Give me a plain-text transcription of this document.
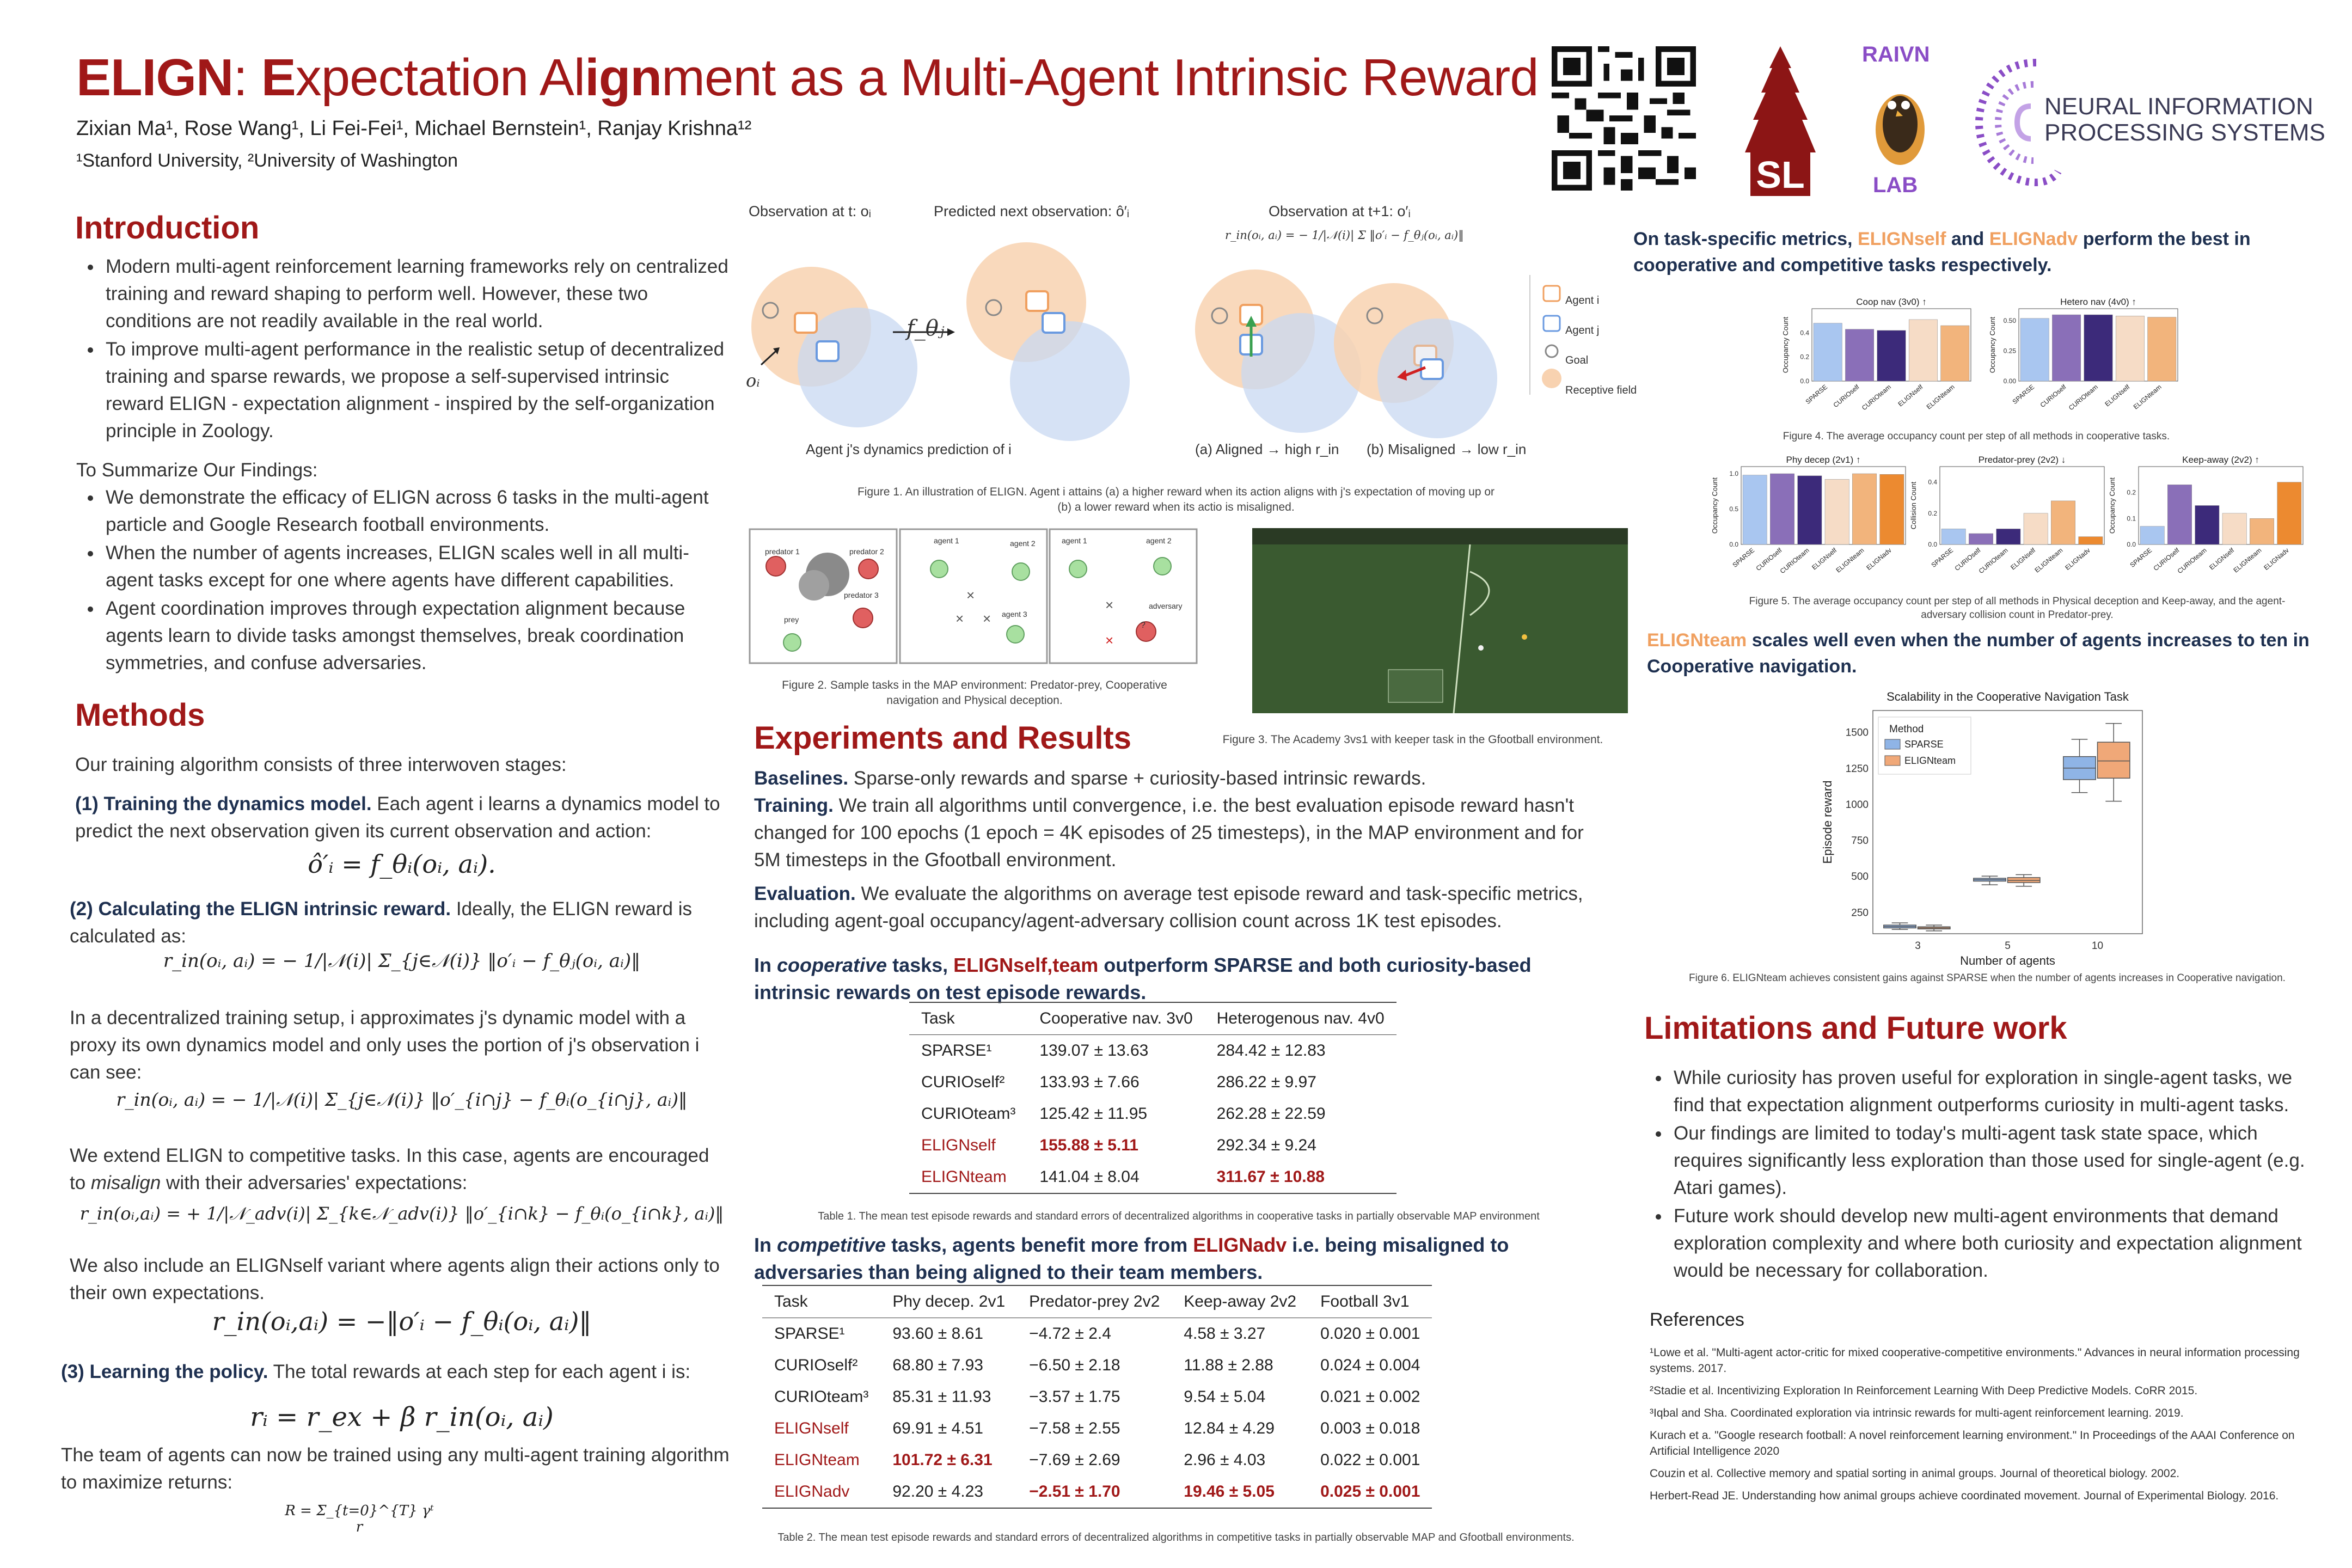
ELIGN: Expectation Alignment as a Multi-Agent Intrinsic Reward
Zixian Ma¹, Rose Wang¹, Li Fei-Fei¹, Michael Bernstein¹, Ranjay Krishna¹²
¹Stanford University, ²University of Washington	SL
RAIVN
LAB
NEURAL INFORMATION
PROCESSING SYSTEMS
Introduction
• Modern multi-agent reinforcement learning frameworks rely on centralized training and reward shaping to perform well. However, these two conditions are not readily available in the real world.
• To improve multi-agent performance in the realistic setup of decentralized training and sparse rewards, we propose a self-supervised intrinsic reward ELIGN - expectation alignment - inspired by the self-organization principle in Zoology.
To Summarize Our Findings:
• We demonstrate the efficacy of ELIGN across 6 tasks in the multi-agent particle and Google Research football environments.
• When the number of agents increases, ELIGN scales well in all multi-agent tasks except for one where agents have different capabilities.
• Agent coordination improves through expectation alignment because agents learn to divide tasks amongst themselves, break coordination symmetries, and confuse adversaries.
Methods
Our training algorithm consists of three interwoven stages:
(1) Training the dynamics model. Each agent i learns a dynamics model to predict the next observation given its current observation and action:
ô′ᵢ = f_θᵢ(oᵢ, aᵢ).
(2) Calculating the ELIGN intrinsic reward. Ideally, the ELIGN reward is calculated as:
r_in(oᵢ, aᵢ) = − 1/|𝒩(i)| Σ_{j∈𝒩(i)} ‖o′ᵢ − f_θⱼ(oᵢ, aᵢ)‖
In a decentralized training setup, i approximates j's dynamic model with a proxy its own dynamics model and only uses the portion of j's observation i can see:
r_in(oᵢ, aᵢ) = − 1/|𝒩(i)| Σ_{j∈𝒩(i)} ‖o′_{i∩j} − f_θᵢ(o_{i∩j}, aᵢ)‖
We extend ELIGN to competitive tasks. In this case, agents are encouraged to misalign with their adversaries' expectations:
r_in(oᵢ,aᵢ) = + 1/|𝒩_adv(i)| Σ_{k∈𝒩_adv(i)} ‖o′_{i∩k} − f_θᵢ(o_{i∩k}, aᵢ)‖
We also include an ELIGNself variant where agents align their actions only to their own expectations.
r_in(oᵢ,aᵢ) = −‖o′ᵢ − f_θᵢ(oᵢ, aᵢ)‖
(3) Learning the policy. The total rewards at each step for each agent i is:
rᵢ = r_ex + β r_in(oᵢ, aᵢ)
The team of agents can now be trained using any multi-agent training algorithm to maximize returns:
R = Σ_{t=0}^{T} γᵗ r
Observation at t: oᵢ	Predicted next observation: ô′ᵢ	Observation at t+1: o′ᵢ
r_in(oᵢ, aᵢ) = − 1/|𝒩(i)| Σ ‖o′ᵢ − f_θⱼ(oᵢ, aᵢ)‖
f_θⱼ
oᵢ
Agent j's dynamics prediction of i	(a) Aligned → high r_in (b) Misaligned → low r_in
Agent i
Agent j
Goal
Receptive field
Figure 1. An illustration of ELIGN. Agent i attains (a) a higher reward when its action aligns with j's expectation of moving up or (b) a lower reward when its actio is misaligned.
×
×
×
×
×
predator 1	predator 2
predator 3
prey
agent 1	agent 2
agent 3
agent 1	agent 2
adversary
?
Figure 2. Sample tasks in the MAP environment: Predator-prey, Cooperative navigation and Physical deception.
Figure 3. The Academy 3vs1 with keeper task in the Gfootball environment.
Experiments and Results
Baselines. Sparse-only rewards and sparse + curiosity-based intrinsic rewards.
Training. We train all algorithms until convergence, i.e. the best evaluation episode reward hasn't changed for 100 epochs (1 epoch = 4K episodes of 25 timesteps), in the MAP environment and for 5M timesteps in the Gfootball environment.
Evaluation. We evaluate the algorithms on average test episode reward and task-specific metrics, including agent-goal occupancy/agent-adversary collision count across 1K test episodes.
In cooperative tasks, ELIGNself,team outperform SPARSE and both curiosity-based intrinsic rewards on test episode rewards.
Task	Cooperative nav. 3v0	Heterogenous nav. 4v0
SPARSE¹	139.07 ± 13.63	284.42 ± 12.83
CURIOself²	133.93 ± 7.66	286.22 ± 9.97
CURIOteam³	125.42 ± 11.95	262.28 ± 22.59
ELIGNself	155.88 ± 5.11	292.34 ± 9.24
ELIGNteam	141.04 ± 8.04	311.67 ± 10.88
Table 1. The mean test episode rewards and standard errors of decentralized algorithms in cooperative tasks in partially observable MAP environment
In competitive tasks, agents benefit more from ELIGNadv i.e. being misaligned to adversaries than being aligned to their team members.
Task	Phy decep. 2v1	Predator-prey 2v2	Keep-away 2v2	Football 3v1
SPARSE¹	93.60 ± 8.61	−4.72 ± 2.4	4.58 ± 3.27	0.020 ± 0.001
CURIOself²	68.80 ± 7.93	−6.50 ± 2.18	11.88 ± 2.88	0.024 ± 0.004
CURIOteam³	85.31 ± 11.93	−3.57 ± 1.75	9.54 ± 5.04	0.021 ± 0.002
ELIGNself	69.91 ± 4.51	−7.58 ± 2.55	12.84 ± 4.29	0.003 ± 0.018
ELIGNteam	101.72 ± 6.31	−7.69 ± 2.69	2.96 ± 4.03	0.022 ± 0.001
ELIGNadv	92.20 ± 4.23	−2.51 ± 1.70	19.46 ± 5.05	0.025 ± 0.001
Table 2. The mean test episode rewards and standard errors of decentralized algorithms in competitive tasks in partially observable MAP and Gfootball environments.
On task-specific metrics, ELIGNself and ELIGNadv perform the best in cooperative and competitive tasks respectively.
Coop nav (3v0) ↑
Occupancy Count
0.0
0.2
0.4
SPARSE CURIOself CURIOteam ELIGNself ELIGNteam
Hetero nav (4v0) ↑
Occupancy Count
0.00
0.25
0.50
SPARSE CURIOself CURIOteam ELIGNself ELIGNteam
Figure 4. The average occupancy count per step of all methods in cooperative tasks.
Phy decep (2v1) ↑
Occupancy Count
0.0
0.5
1.0
SPARSE
CURIOself
CURIOteam ELIGNself
ELIGNteam
ELIGNadv
Predator-prey (2v2) ↓
Collision Count
0.0
0.2
0.4
SPARSE
CURIOself
CURIOteam ELIGNself
ELIGNteam
ELIGNadv
Keep-away (2v2) ↑
Occupancy Count
0.0
0.1
0.2
SPARSE
CURIOself
CURIOteam ELIGNself
ELIGNteam
ELIGNadv
Figure 5. The average occupancy count per step of all methods in Physical deception and Keep-away, and the agent-adversary collision count in Predator-prey.
ELIGNteam scales well even when the number of agents increases to ten in Cooperative navigation.
Scalability in the Cooperative Navigation Task
250
500
750
1000
1250
1500
Episode reward
Number of agents
3	5	10
Method
SPARSE
ELIGNteam
Figure 6. ELIGNteam achieves consistent gains against SPARSE when the number of agents increases in Cooperative navigation.
Limitations and Future work
• While curiosity has proven useful for exploration in single-agent tasks, we find that expectation alignment outperforms curiosity in multi-agent tasks.
• Our findings are limited to today's multi-agent task state space, which requires significantly less exploration than those used for single-agent (e.g. Atari games).
• Future work should develop new multi-agent environments that demand exploration complexity and where both curiosity and expectation alignment would be necessary for collaboration.
References
¹Lowe et al. "Multi-agent actor-critic for mixed cooperative-competitive environments." Advances in neural information processing systems. 2017.
²Stadie et al. Incentivizing Exploration In Reinforcement Learning With Deep Predictive Models. CoRR 2015.
³Iqbal and Sha. Coordinated exploration via intrinsic rewards for multi-agent reinforcement learning. 2019.
Kurach et a. "Google research football: A novel reinforcement learning environment." In Proceedings of the AAAI Conference on Artificial Intelligence 2020
Couzin et al. Collective memory and spatial sorting in animal groups. Journal of theoretical biology. 2002.
Herbert-Read JE. Understanding how animal groups achieve coordinated movement. Journal of Experimental Biology. 2016.
